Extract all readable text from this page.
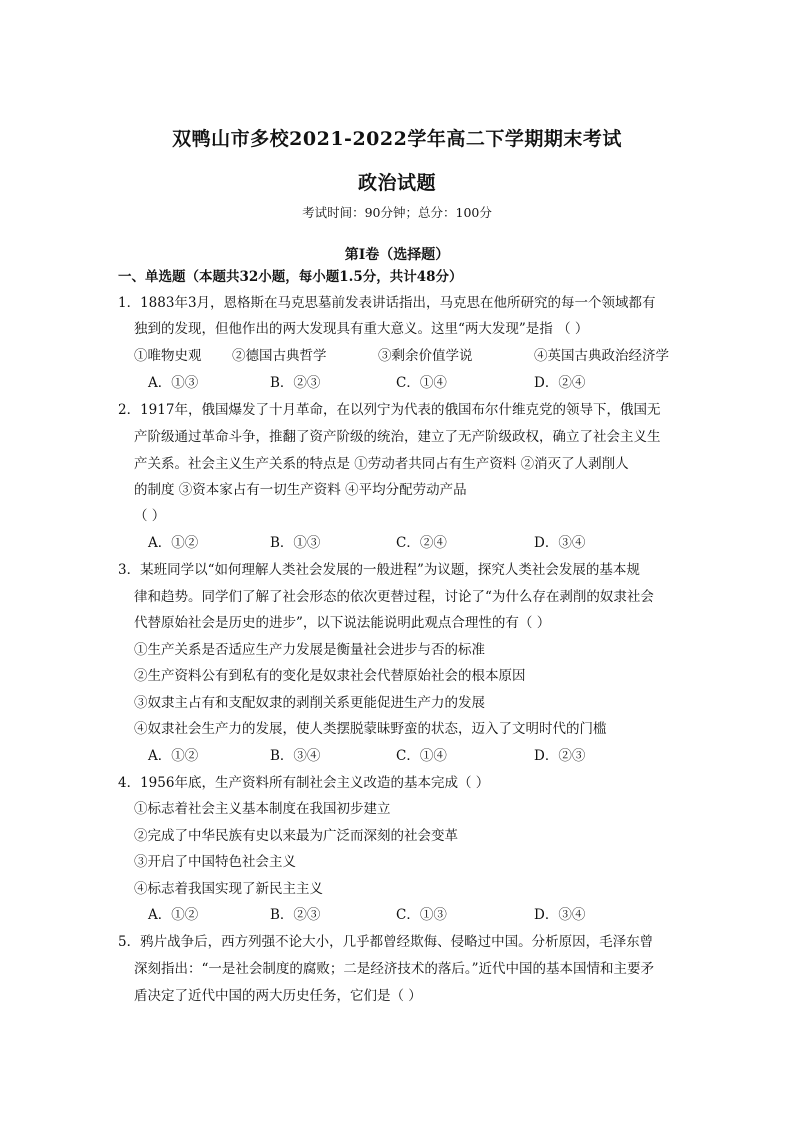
双鸭山市多校2021-2022学年高二下学期期末考试
政治试题
考试时间：90分钟；总分：100分
第Ⅰ卷（选择题）
一、单选题（本题共32小题，每小题1.5分，共计48分）
1．1883年3月，恩格斯在马克思墓前发表讲话指出，马克思在他所研究的每一个领域都有
独到的发现，但他作出的两大发现具有重大意义。这里“两大发现”是指 （ ）
①唯物史观 ②德国古典哲学	③剩余价值学说	④英国古典政治经济学
A．①③	B．②③	C．①④	D．②④
2．1917年，俄国爆发了十月革命，在以列宁为代表的俄国布尔什维克党的领导下，俄国无
产阶级通过革命斗争，推翻了资产阶级的统治，建立了无产阶级政权，确立了社会主义生
产关系。社会主义生产关系的特点是 ①劳动者共同占有生产资料 ②消灭了人剥削人
的制度 ③资本家占有一切生产资料 ④平均分配劳动产品
（ ）
A．①②	B．①③	C．②④	D．③④
3．某班同学以“如何理解人类社会发展的一般进程”为议题，探究人类社会发展的基本规
律和趋势。同学们了解了社会形态的依次更替过程，讨论了“为什么存在剥削的奴隶社会
代替原始社会是历史的进步”，以下说法能说明此观点合理性的有（ ）
①生产关系是否适应生产力发展是衡量社会进步与否的标准
②生产资料公有到私有的变化是奴隶社会代替原始社会的根本原因
③奴隶主占有和支配奴隶的剥削关系更能促进生产力的发展
④奴隶社会生产力的发展，使人类摆脱蒙昧野蛮的状态，迈入了文明时代的门槛
A．①②	B．③④	C．①④	D．②③
4．1956年底，生产资料所有制社会主义改造的基本完成（ ）
①标志着社会主义基本制度在我国初步建立
②完成了中华民族有史以来最为广泛而深刻的社会变革
③开启了中国特色社会主义
④标志着我国实现了新民主主义
A．①②	B．②③	C．①③	D．③④
5．鸦片战争后，西方列强不论大小，几乎都曾经欺侮、侵略过中国。分析原因，毛泽东曾
深刻指出：“一是社会制度的腐败；二是经济技术的落后。”近代中国的基本国情和主要矛
盾决定了近代中国的两大历史任务，它们是（ ）
